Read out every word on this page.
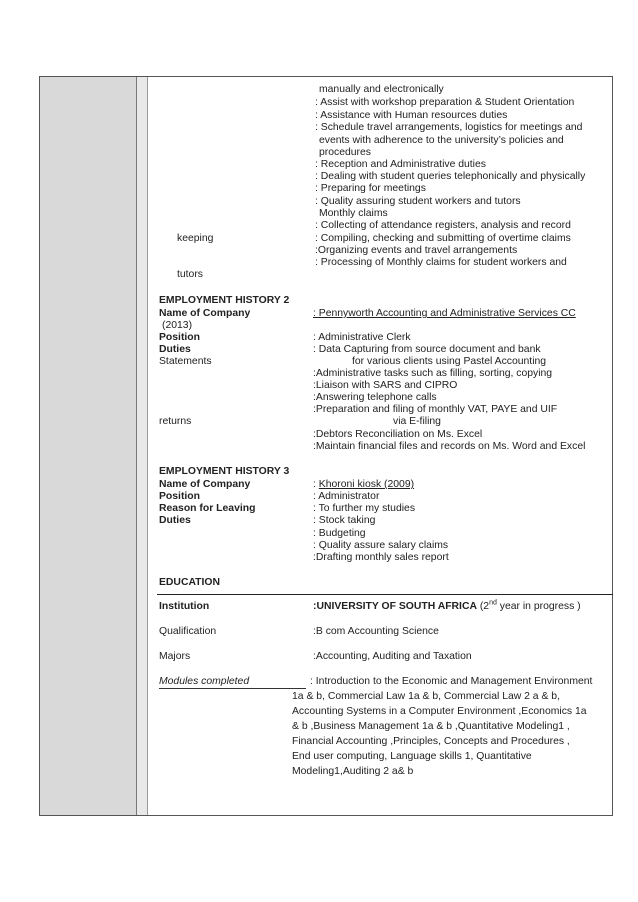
manually and electronically
: Assist with workshop preparation & Student Orientation
: Assistance with Human resources duties
: Schedule travel arrangements, logistics for meetings and
events with adherence to the university’s policies and
procedures
: Reception and Administrative duties
: Dealing with student queries telephonically and physically
: Preparing for meetings
: Quality assuring student workers and tutors
Monthly claims
: Collecting of attendance registers, analysis and record
: Compiling, checking and submitting of overtime claims
:Organizing events and travel arrangements
: Processing of Monthly claims for student workers and
keeping
tutors
EMPLOYMENT HISTORY 2
Name of Company	: Pennyworth Accounting and Administrative Services CC
(2013)
Position	: Administrative Clerk
Duties	: Data Capturing from source document and bank
Statements	for various clients using Pastel Accounting
:Administrative tasks such as filling, sorting, copying
:Liaison with SARS and CIPRO
:Answering telephone calls
:Preparation and filing of monthly VAT, PAYE and UIF
returns	via E-filing
:Debtors Reconciliation on Ms. Excel
:Maintain financial files and records on Ms. Word and Excel
EMPLOYMENT HISTORY 3
Name of Company	: Khoroni kiosk (2009)
Position	: Administrator
Reason for Leaving	: To further my studies
Duties	: Stock taking
: Budgeting
: Quality assure salary claims
:Drafting monthly sales report
EDUCATION
Institution	:UNIVERSITY OF SOUTH AFRICA (2nd year in progress )
Qualification	:B com Accounting Science
Majors	:Accounting, Auditing and Taxation
Modules completed	: Introduction to the Economic and Management Environment
1a & b, Commercial Law 1a & b, Commercial Law 2 a & b,
Accounting Systems in a Computer Environment ,Economics 1a
& b ,Business Management 1a & b ,Quantitative Modeling1 ,
Financial Accounting ,Principles, Concepts and Procedures ,
End user computing, Language skills 1, Quantitative
Modeling1,Auditing 2 a& b
